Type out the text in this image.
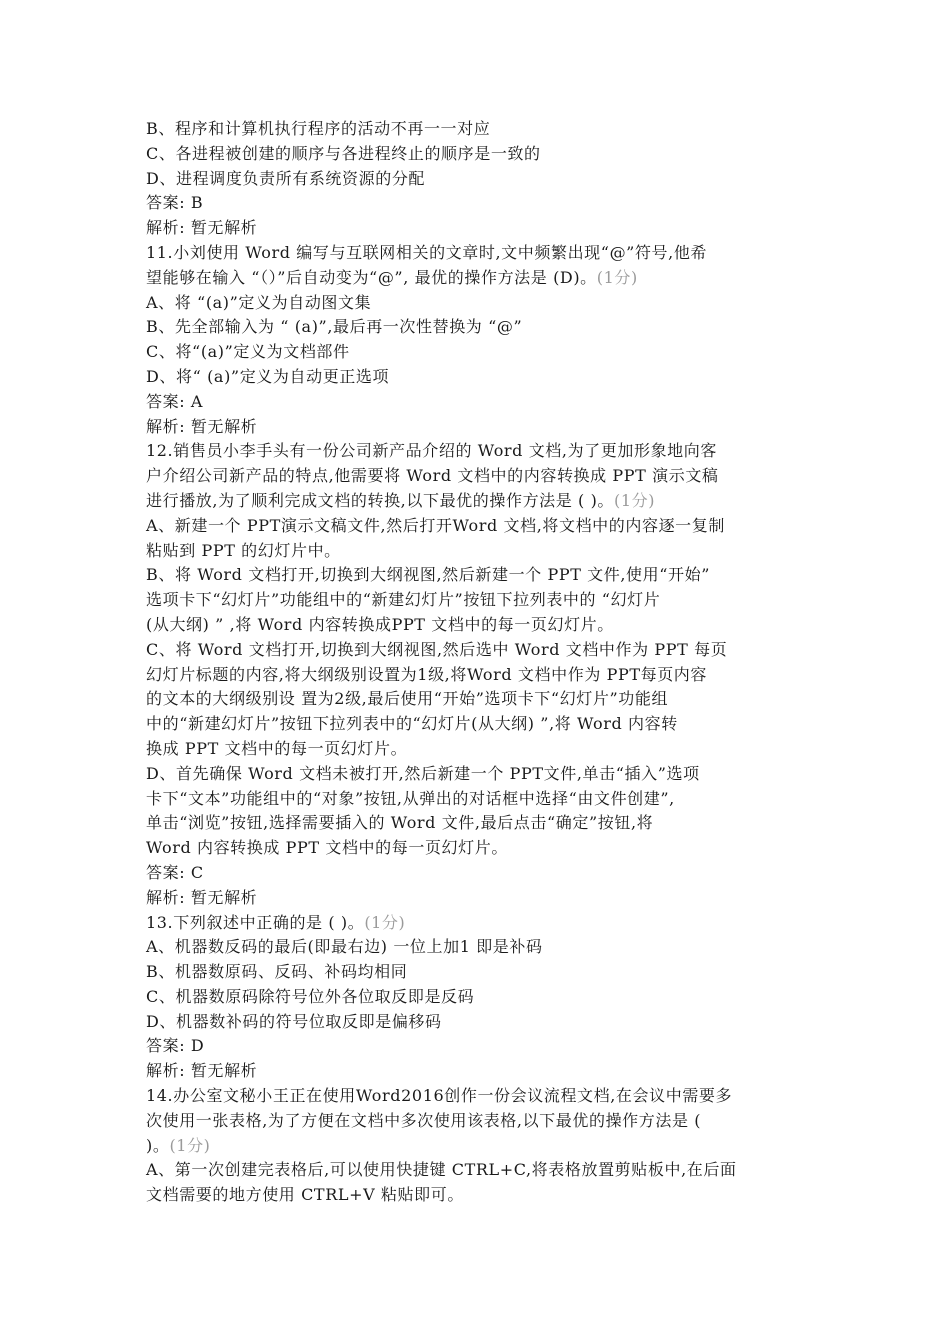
B、程序和计算机执行程序的活动不再一一对应
C、各进程被创建的顺序与各进程终止的顺序是一致的
D、进程调度负责所有系统资源的分配
答案: B
解析: 暂无解析
11.小刘使用 Word 编写与互联网相关的文章时,文中频繁出现“@”符号,他希
望能够在输入 “（）”后自动变为“@”, 最优的操作方法是 (D)。(1分)
A、将 “(a)”定义为自动图文集
B、先全部输入为 “ (a)”,最后再一次性替换为 “@”
C、将“(a)”定义为文档部件
D、将“ (a)”定义为自动更正选项
答案: A
解析: 暂无解析
12.销售员小李手头有一份公司新产品介绍的 Word 文档,为了更加形象地向客
户介绍公司新产品的特点,他需要将 Word 文档中的内容转换成 PPT 演示文稿
进行播放,为了顺利完成文档的转换,以下最优的操作方法是 ( )。(1分)
A、新建一个 PPT演示文稿文件,然后打开Word 文档,将文档中的内容逐一复制
粘贴到 PPT 的幻灯片中。
B、将 Word 文档打开,切换到大纲视图,然后新建一个 PPT 文件,使用“开始”
选项卡下“幻灯片”功能组中的“新建幻灯片”按钮下拉列表中的 “幻灯片
(从大纲) ” ,将 Word 内容转换成PPT 文档中的每一页幻灯片。
C、将 Word 文档打开,切换到大纲视图,然后选中 Word 文档中作为 PPT 每页
幻灯片标题的内容,将大纲级别设置为1级,将Word 文档中作为 PPT每页内容
的文本的大纲级别设 置为2级,最后使用“开始”选项卡下“幻灯片”功能组
中的“新建幻灯片”按钮下拉列表中的“幻灯片(从大纲) ”,将 Word 内容转
换成 PPT 文档中的每一页幻灯片。
D、首先确保 Word 文档未被打开,然后新建一个 PPT文件,单击“插入”选项
卡下“文本”功能组中的“对象”按钮,从弹出的对话框中选择“由文件创建”,
单击“浏览”按钮,选择需要插入的 Word 文件,最后点击“确定”按钮,将
Word 内容转换成 PPT 文档中的每一页幻灯片。
答案: C
解析: 暂无解析
13.下列叙述中正确的是 ( )。(1分)
A、机器数反码的最后(即最右边) 一位上加1 即是补码
B、机器数原码、反码、补码均相同
C、机器数原码除符号位外各位取反即是反码
D、机器数补码的符号位取反即是偏移码
答案: D
解析: 暂无解析
14.办公室文秘小王正在使用Word2016创作一份会议流程文档,在会议中需要多
次使用一张表格,为了方便在文档中多次使用该表格,以下最优的操作方法是 (
)。(1分)
A、第一次创建完表格后,可以使用快捷键 CTRL+C,将表格放置剪贴板中,在后面
文档需要的地方使用 CTRL+V 粘贴即可。
